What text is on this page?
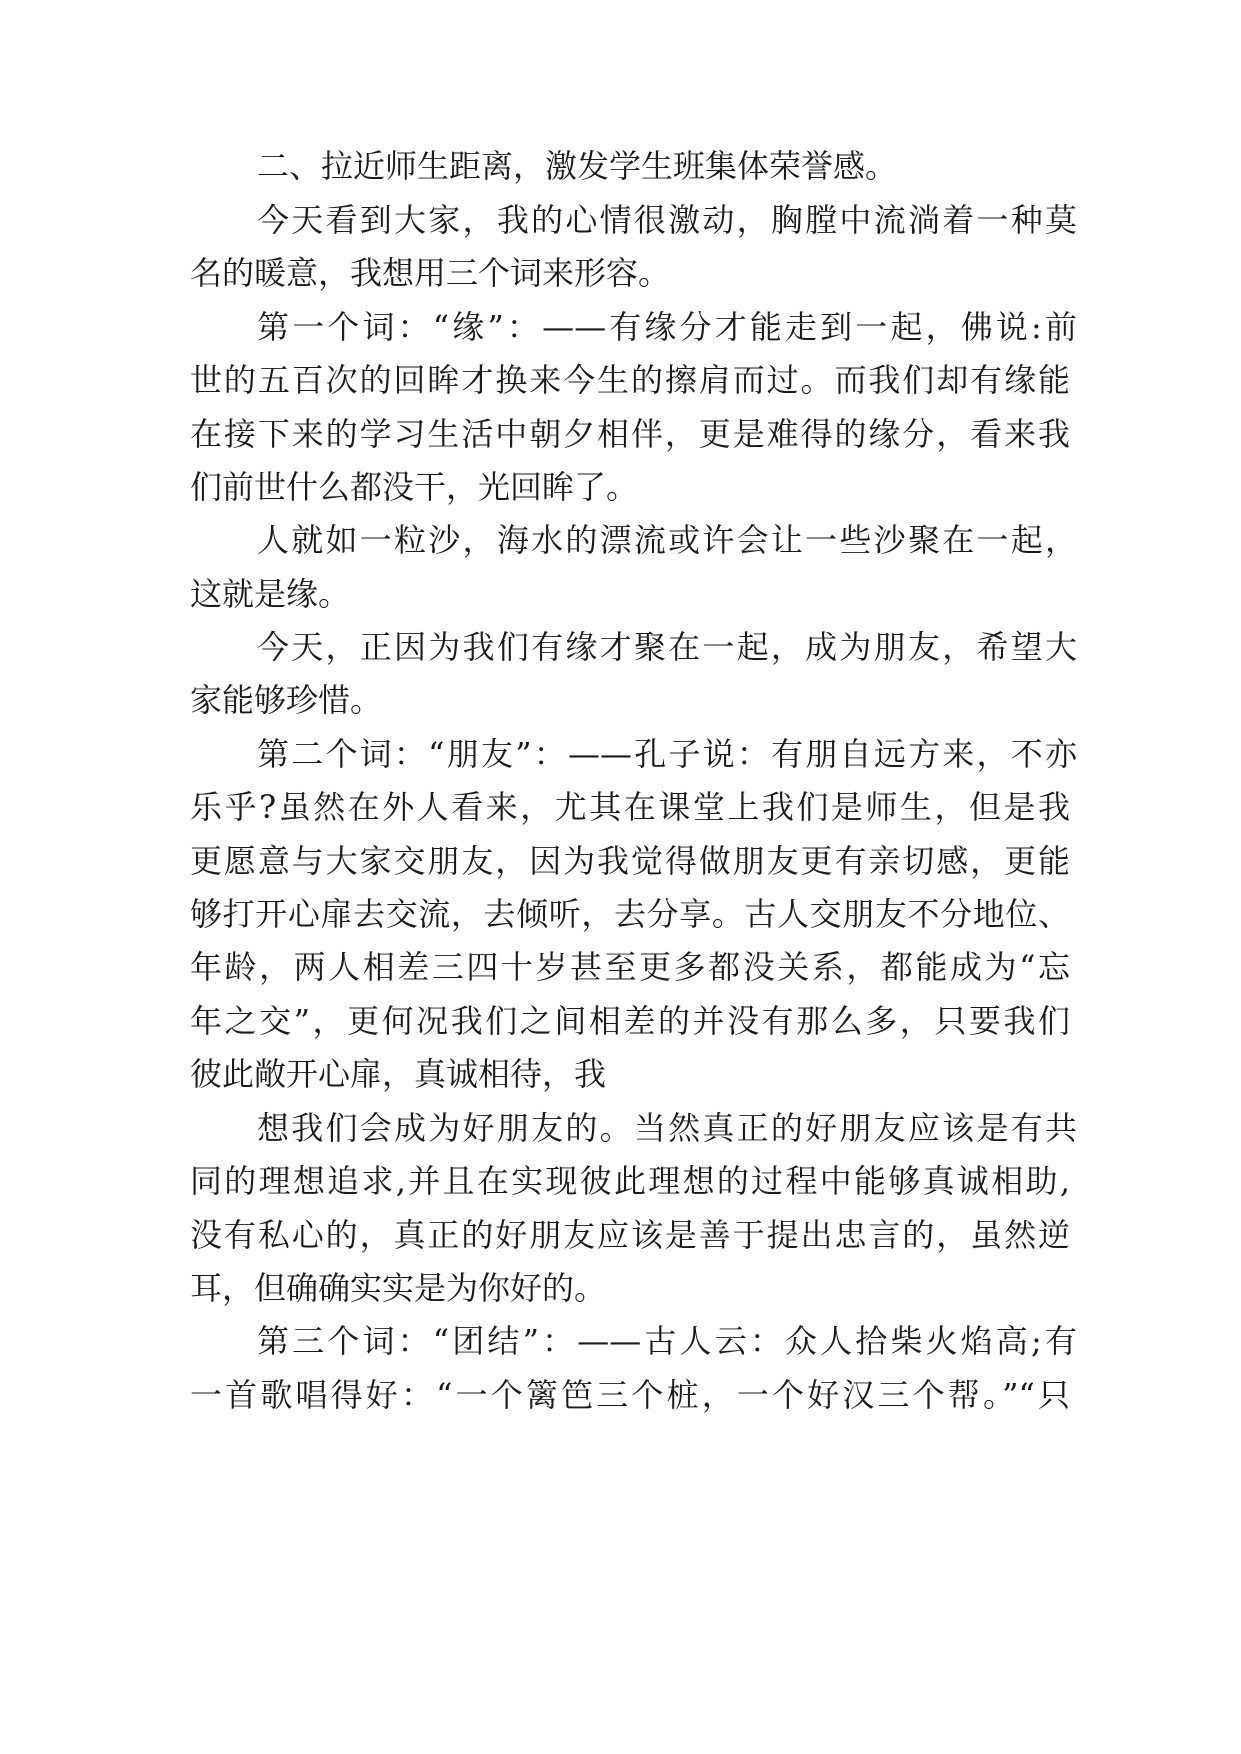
二、拉近师生距离，激发学生班集体荣誉感。
今天看到大家，我的心情很激动，胸膛中流淌着一种莫
名的暖意，我想用三个词来形容。
第一个词：“缘”：——有缘分才能走到一起，佛说:前
世的五百次的回眸才换来今生的擦肩而过。而我们却有缘能
在接下来的学习生活中朝夕相伴，更是难得的缘分，看来我
们前世什么都没干，光回眸了。
人就如一粒沙，海水的漂流或许会让一些沙聚在一起，
这就是缘。
今天，正因为我们有缘才聚在一起，成为朋友，希望大
家能够珍惜。
第二个词：“朋友”：——孔子说：有朋自远方来，不亦
乐乎?虽然在外人看来，尤其在课堂上我们是师生，但是我
更愿意与大家交朋友，因为我觉得做朋友更有亲切感，更能
够打开心扉去交流，去倾听，去分享。古人交朋友不分地位、
年龄，两人相差三四十岁甚至更多都没关系，都能成为“忘
年之交”，更何况我们之间相差的并没有那么多，只要我们
彼此敞开心扉，真诚相待，我
想我们会成为好朋友的。当然真正的好朋友应该是有共
同的理想追求,并且在实现彼此理想的过程中能够真诚相助,
没有私心的，真正的好朋友应该是善于提出忠言的，虽然逆
耳，但确确实实是为你好的。
第三个词：“团结”：——古人云：众人拾柴火焰高;有
一首歌唱得好：“一个篱笆三个桩，一个好汉三个帮。”“只
